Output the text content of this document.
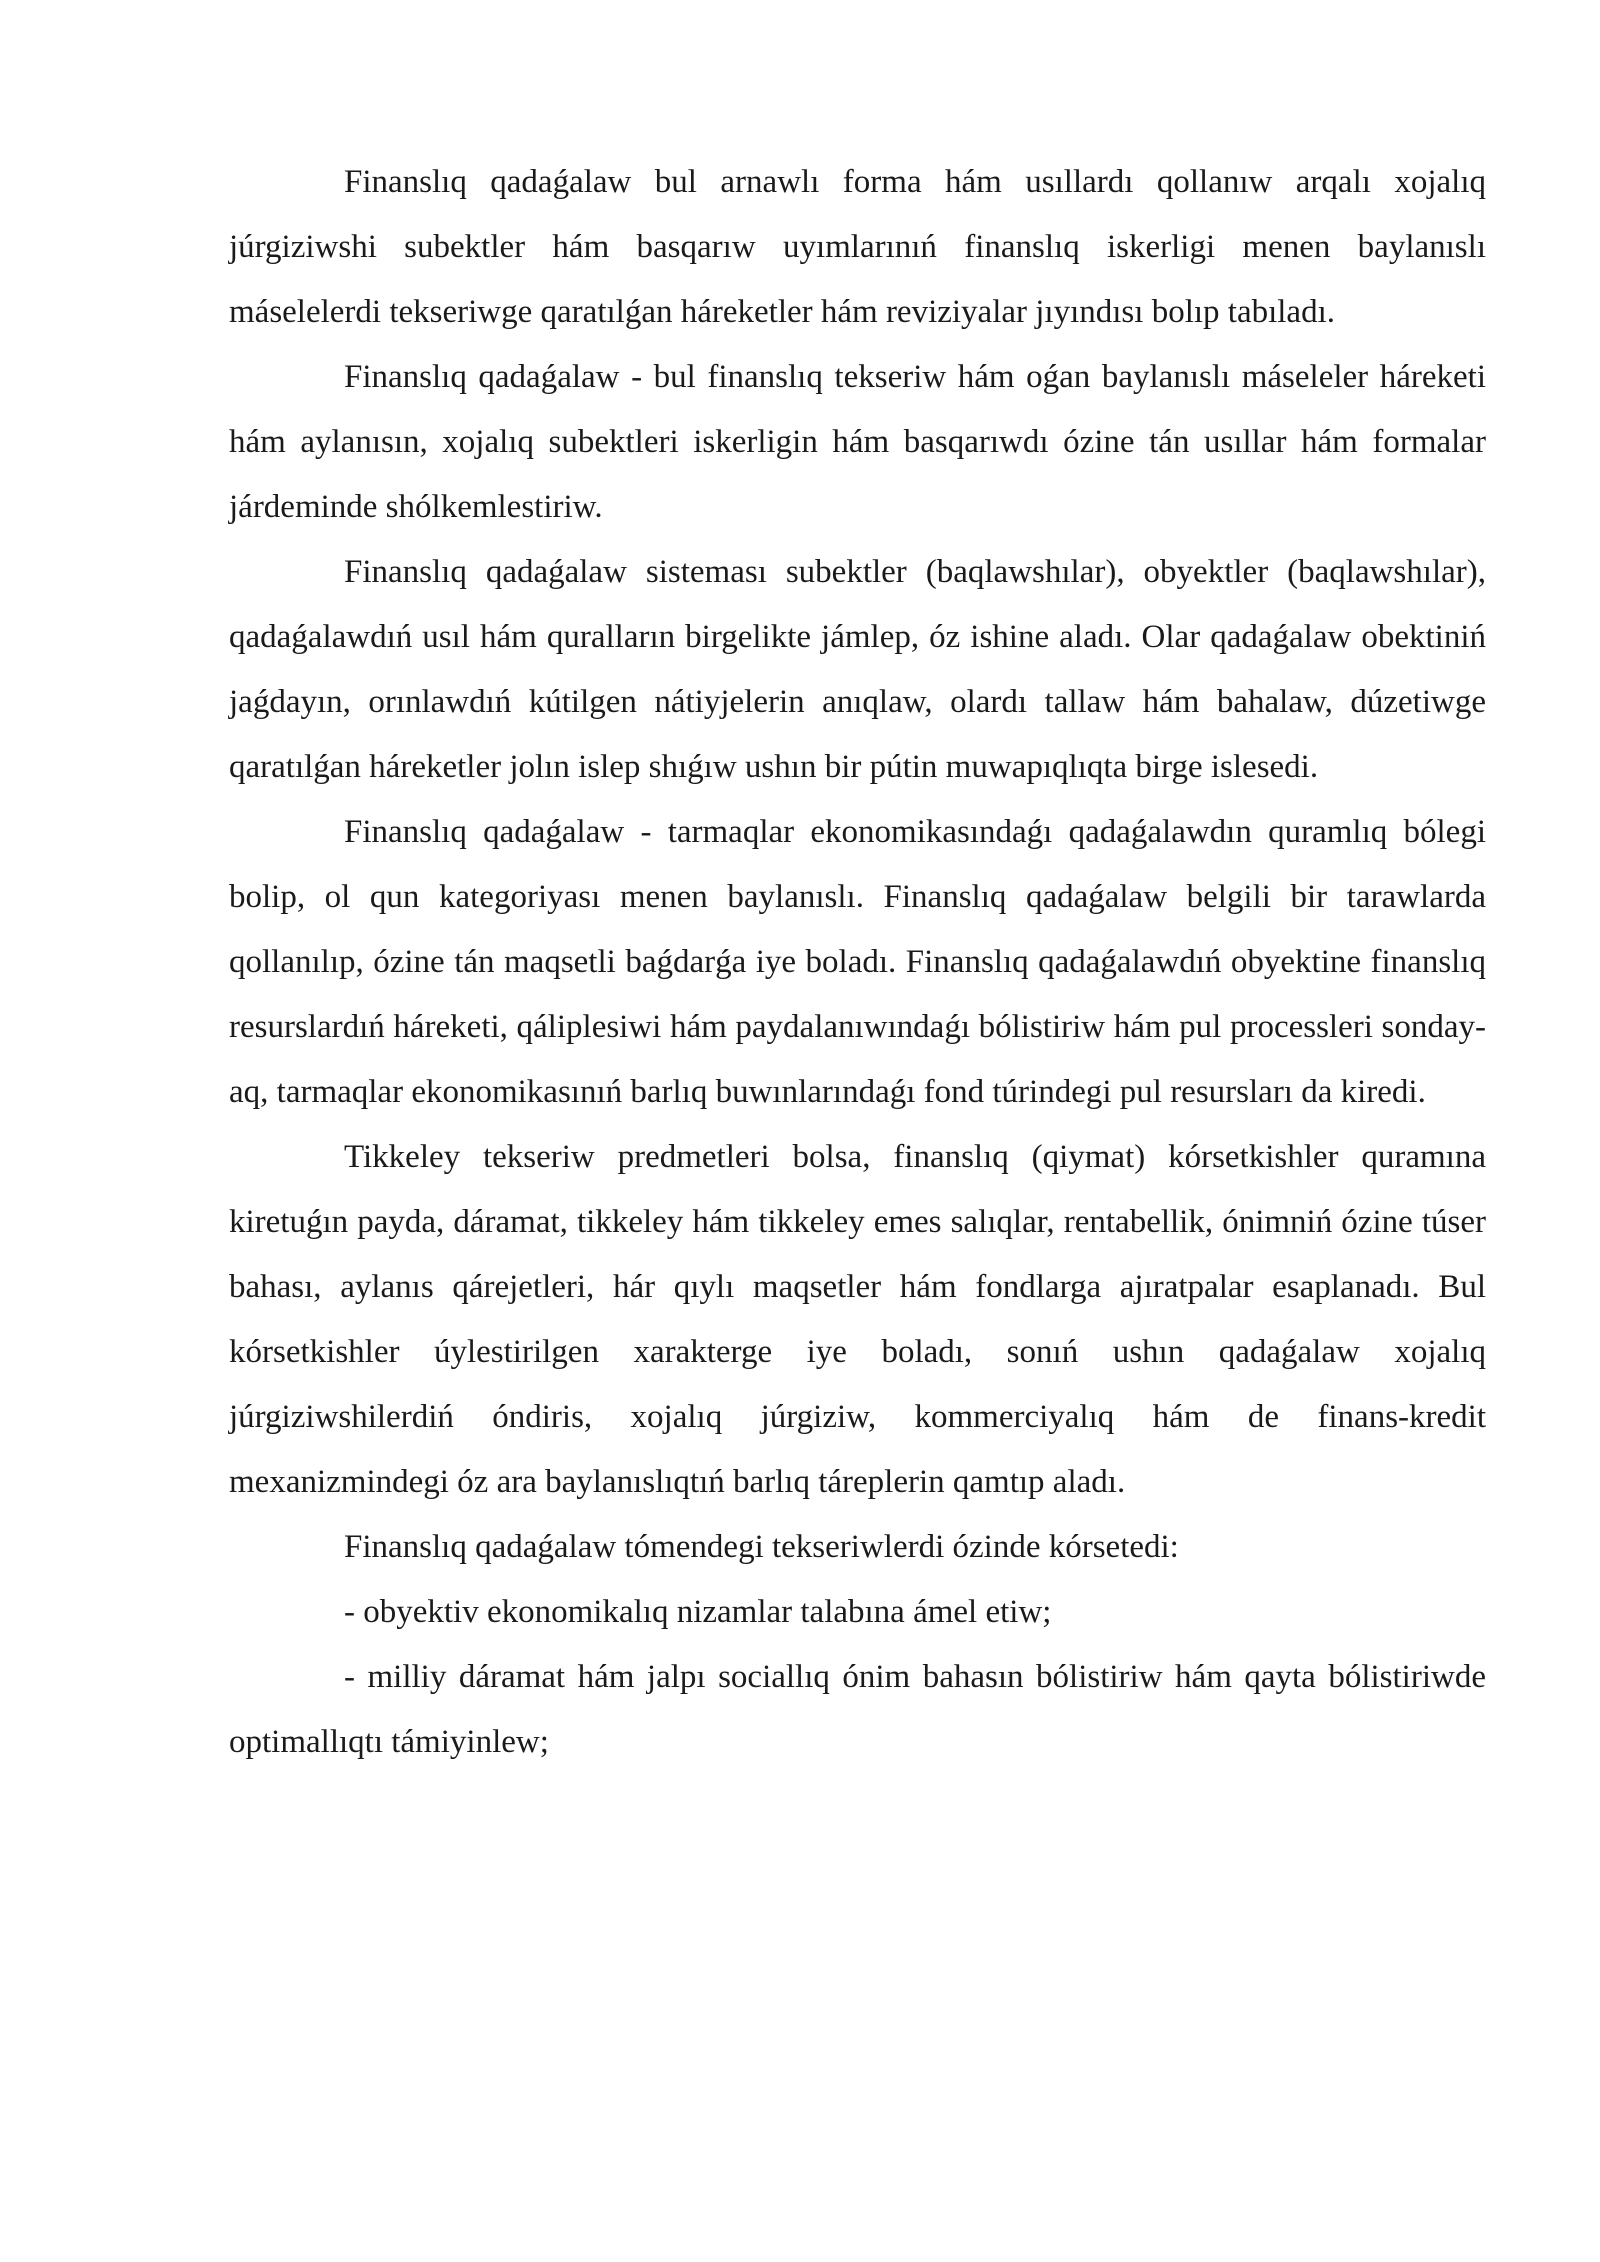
Finanslıq qadaǵalaw bul arnawlı forma hám usıllardı qollanıw arqalı xojalıq júrgiziwshi subektler hám basqarıw uyımlarınıń finanslıq iskerligi menen baylanıslı máselelerdi tekseriwge qaratılǵan háreketler hám reviziyalar jıyındısı bolıp tabıladı.

Finanslıq qadaǵalaw - bul finanslıq tekseriw hám oǵan baylanıslı máseleler háreketi hám aylanısın, xojalıq subektleri iskerligin hám basqarıwdı ózine tán usıllar hám formalar járdeminde shólkemlestiriw.

Finanslıq qadaǵalaw sisteması subektler (baqlawshılar), obyektler (baqlawshılar), qadaǵalawdıń usıl hám quralların birgelikte jámlep, óz ishine aladı. Olar qadaǵalaw obektiniń jaǵdayın, orınlawdıń kútilgen nátiyjelerin anıqlaw, olardı tallaw hám bahalaw, dúzetiwge qaratılǵan háreketler jolın islep shıǵıw ushın bir pútin muwapıqlıqta birge islesedi.

Finanslıq qadaǵalaw - tarmaqlar ekonomikasındaǵı qadaǵalawdın quramlıq bólegi bolip, ol qun kategoriyası menen baylanıslı. Finanslıq qadaǵalaw belgili bir tarawlarda qollanılıp, ózine tán maqsetli baǵdarǵa iye boladı. Finanslıq qadaǵalawdıń obyektine finanslıq resurslardıń háreketi, qáliplesiwi hám paydalanıwındaǵı bólistiriw hám pul processleri sonday-aq, tarmaqlar ekonomikasınıń barlıq buwınlarındaǵı fond túrindegi pul resursları da kiredi.

Tikkeley tekseriw predmetleri bolsa, finanslıq (qiymat) kórsetkishler quramına kiretuǵın payda, dáramat, tikkeley hám tikkeley emes salıqlar, rentabellik, ónimniń ózine túser bahası, aylanıs qárejetleri, hár qıylı maqsetler hám fondlarga ajıratpalar esaplanadı. Bul kórsetkishler úylestirilgen xarakterge iye boladı, sonıń ushın qadaǵalaw xojalıq júrgiziwshilerdiń óndiris, xojalıq júrgiziw, kommerciyalıq hám de finans-kredit mexanizmindegi óz ara baylanıslıqtıń barlıq táreplerin qamtıp aladı.

Finanslıq qadaǵalaw tómendegi tekseriwlerdi ózinde kórsetedi:

- obyektiv ekonomikalıq nizamlar talabına ámel etiw;

- milliy dáramat hám jalpı sociallıq ónim bahasın bólistiriw hám qayta bólistiriwde optimallıqtı támiyinlew;
